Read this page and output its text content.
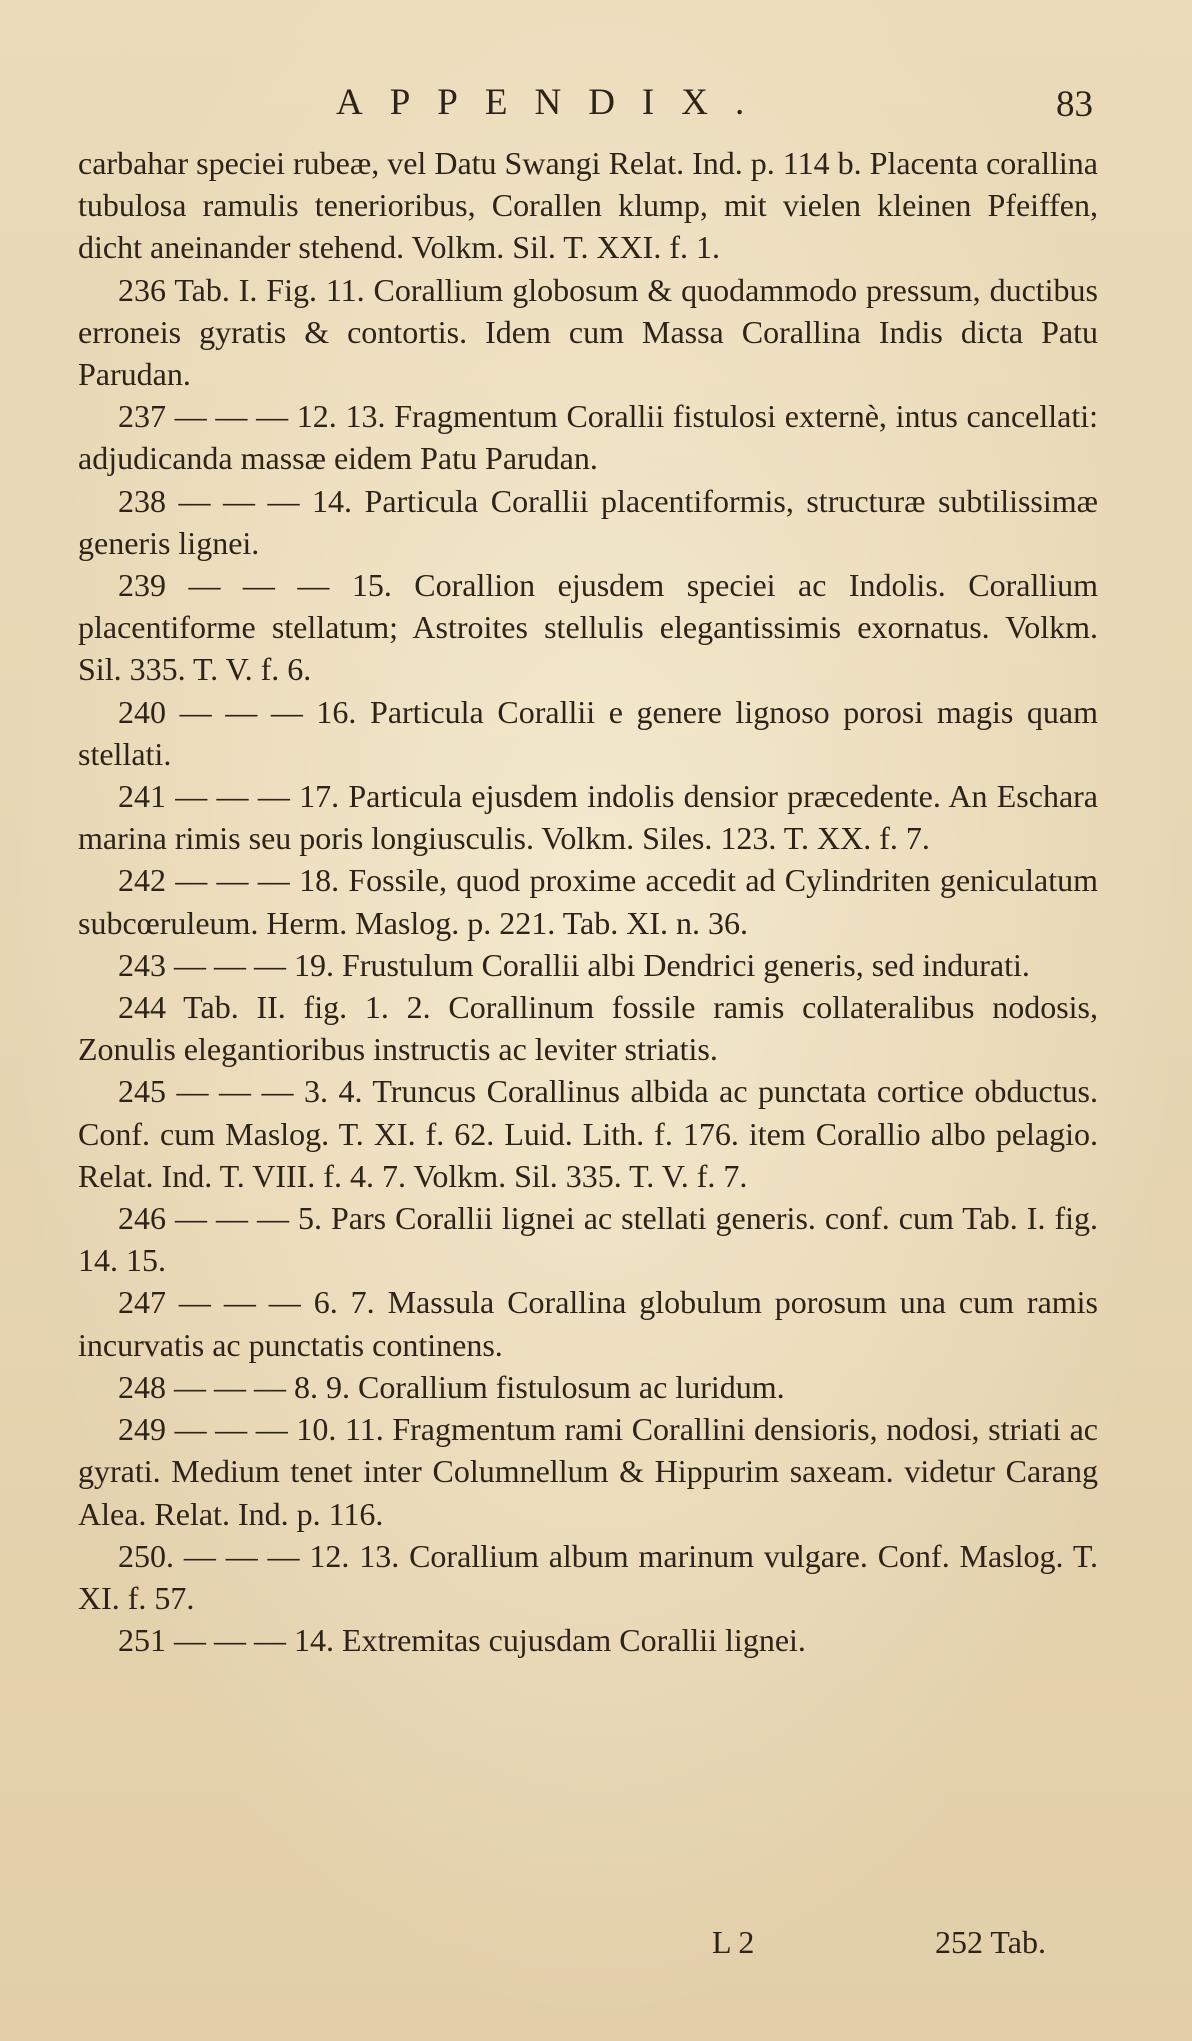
APPENDIX.	83

carbahar speciei rubeæ, vel Datu Swangi Relat. Ind. p. 114 b. Placenta corallina tubulosa ramulis tenerioribus, Corallen klump, mit vielen kleinen Pfeiffen, dicht aneinander stehend. Volkm. Sil. T. XXI. f. 1.

236 Tab. I. Fig. 11. Corallium globosum & quodammodo pressum, ductibus erroneis gyratis & contortis. Idem cum Massa Corallina Indis dicta Patu Parudan.

237 — — — 12. 13. Fragmentum Corallii fistulosi externè, intus cancellati: adjudicanda massæ eidem Patu Parudan.

238 — — — 14. Particula Corallii placentiformis, structuræ subtilissimæ generis lignei.

239 — — — 15. Corallion ejusdem speciei ac Indolis. Corallium placentiforme stellatum; Astroites stellulis elegantissimis exornatus. Volkm. Sil. 335. T. V. f. 6.

240 — — — 16. Particula Corallii e genere lignoso porosi magis quam stellati.

241 — — — 17. Particula ejusdem indolis densior præcedente. An Eschara marina rimis seu poris longiusculis. Volkm. Siles. 123. T. XX. f. 7.

242 — — — 18. Fossile, quod proxime accedit ad Cylindriten geniculatum subcœruleum. Herm. Maslog. p. 221. Tab. XI. n. 36.

243 — — — 19. Frustulum Corallii albi Dendrici generis, sed indurati.

244 Tab. II. fig. 1. 2. Corallinum fossile ramis collateralibus nodosis, Zonulis elegantioribus instructis ac leviter striatis.

245 — — — 3. 4. Truncus Corallinus albida ac punctata cortice obductus. Conf. cum Maslog. T. XI. f. 62. Luid. Lith. f. 176. item Corallio albo pelagio. Relat. Ind. T. VIII. f. 4. 7. Volkm. Sil. 335. T. V. f. 7.

246 — — — 5. Pars Corallii lignei ac stellati generis. conf. cum Tab. I. fig. 14. 15.

247 — — — 6. 7. Massula Corallina globulum porosum una cum ramis incurvatis ac punctatis continens.

248 — — — 8. 9. Corallium fistulosum ac luridum.

249 — — — 10. 11. Fragmentum rami Corallini densioris, nodosi, striati ac gyrati. Medium tenet inter Columnellum & Hippurim saxeam. videtur Carang Alea. Relat. Ind. p. 116.

250. — — — 12. 13. Corallium album marinum vulgare. Conf. Maslog. T. XI. f. 57.

251 — — — 14. Extremitas cujusdam Corallii lignei.

L 2	252 Tab.
